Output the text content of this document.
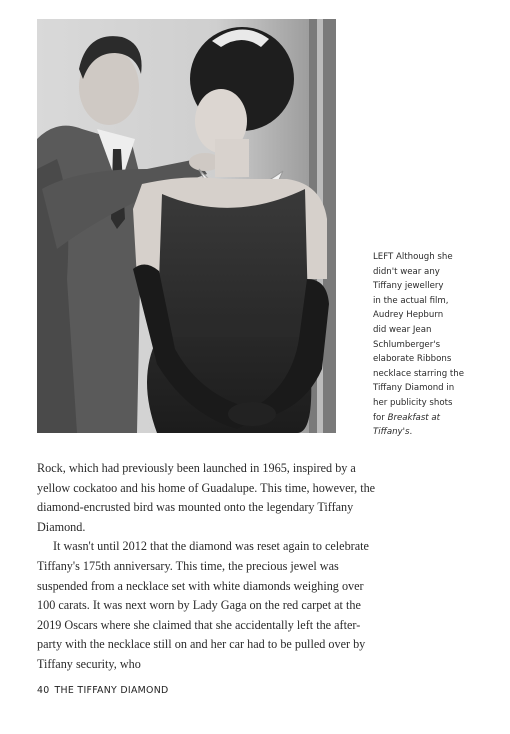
LEFT Although she
didn't wear any
Tiffany jewellery
in the actual film,
Audrey Hepburn
did wear Jean
Schlumberger's
elaborate Ribbons
necklace starring the
Tiffany Diamond in
her publicity shots
for Breakfast at
Tiffany's.

Rock, which had previously been launched in 1965, inspired by a yellow cockatoo and his home of Guadalupe. This time, however, the diamond-encrusted bird was mounted onto the legendary Tiffany Diamond.

It wasn't until 2012 that the diamond was reset again to celebrate Tiffany's 175th anniversary. This time, the precious jewel was suspended from a necklace set with white diamonds weighing over 100 carats. It was next worn by Lady Gaga on the red carpet at the 2019 Oscars where she claimed that she accidentally left the after-party with the necklace still on and her car had to be pulled over by Tiffany security, who

40 THE TIFFANY DIAMOND
